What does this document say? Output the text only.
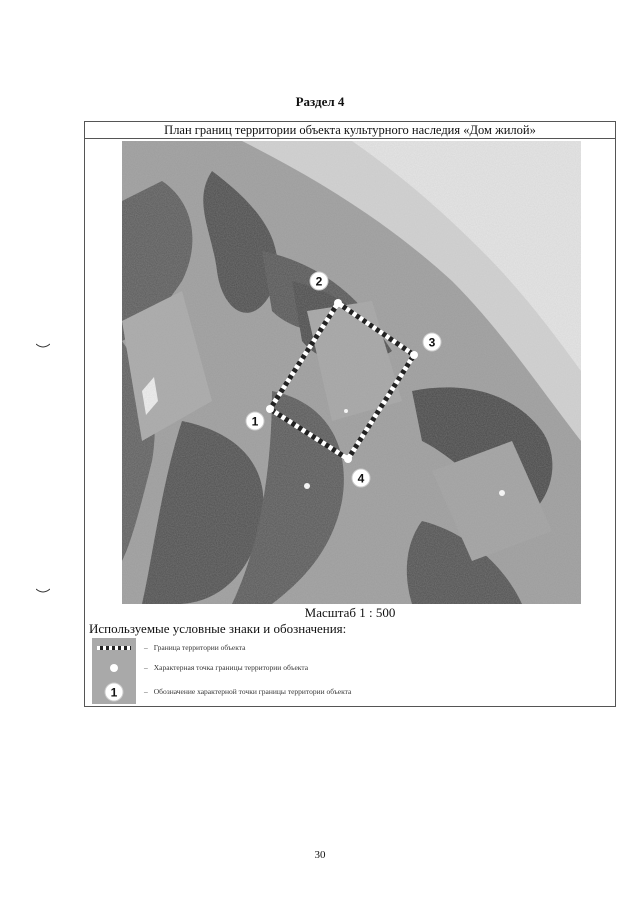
Раздел 4
План границ территории объекта культурного наследия «Дом жилой»
1
2
3
4
Масштаб 1 : 500
Используемые условные знаки и обозначения:
1
– Граница территории объекта
– Характерная точка границы территории объекта
– Обозначение характерной точки границы территории объекта
30
